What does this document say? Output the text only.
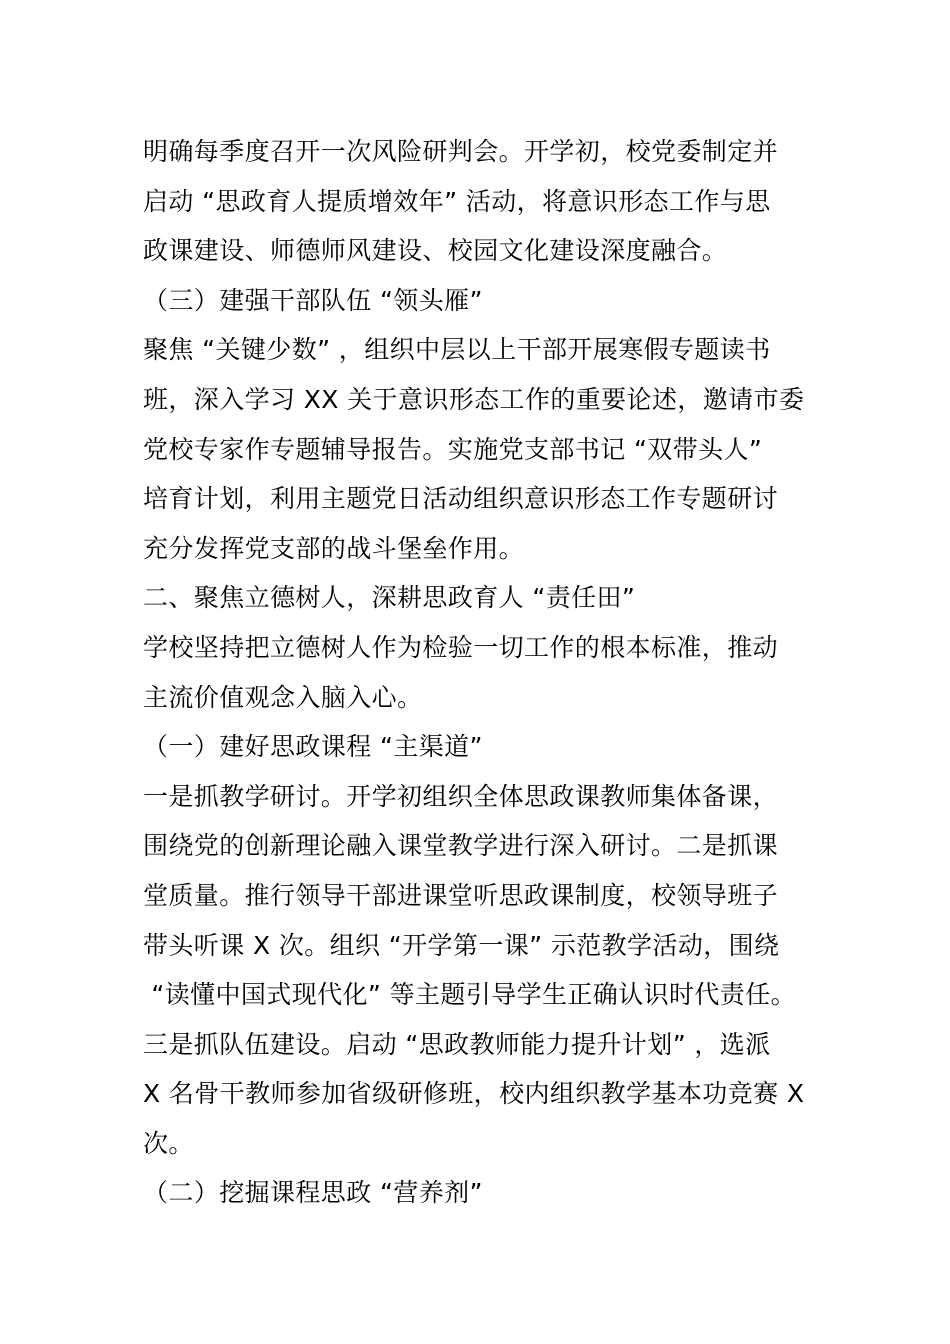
明确每季度召开一次风险研判会。开学初，校党委制定并
启动 “思政育人提质增效年” 活动，将意识形态工作与思
政课建设、师德师风建设、校园文化建设深度融合。
（三）建强干部队伍 “领头雁”
聚焦 “关键少数” ，组织中层以上干部开展寒假专题读书
班，深入学习 XX 关于意识形态工作的重要论述，邀请市委
党校专家作专题辅导报告。实施党支部书记 “双带头人”
培育计划，利用主题党日活动组织意识形态工作专题研讨
充分发挥党支部的战斗堡垒作用。
二、聚焦立德树人，深耕思政育人 “责任田”
学校坚持把立德树人作为检验一切工作的根本标准，推动
主流价值观念入脑入心。
（一）建好思政课程 “主渠道”
一是抓教学研讨。开学初组织全体思政课教师集体备课，
围绕党的创新理论融入课堂教学进行深入研讨。二是抓课
堂质量。推行领导干部进课堂听思政课制度，校领导班子
带头听课 X 次。组织 “开学第一课” 示范教学活动，围绕
“读懂中国式现代化” 等主题引导学生正确认识时代责任。
三是抓队伍建设。启动 “思政教师能力提升计划” ，选派
X 名骨干教师参加省级研修班，校内组织教学基本功竞赛 X
次。
（二）挖掘课程思政 “营养剂”
